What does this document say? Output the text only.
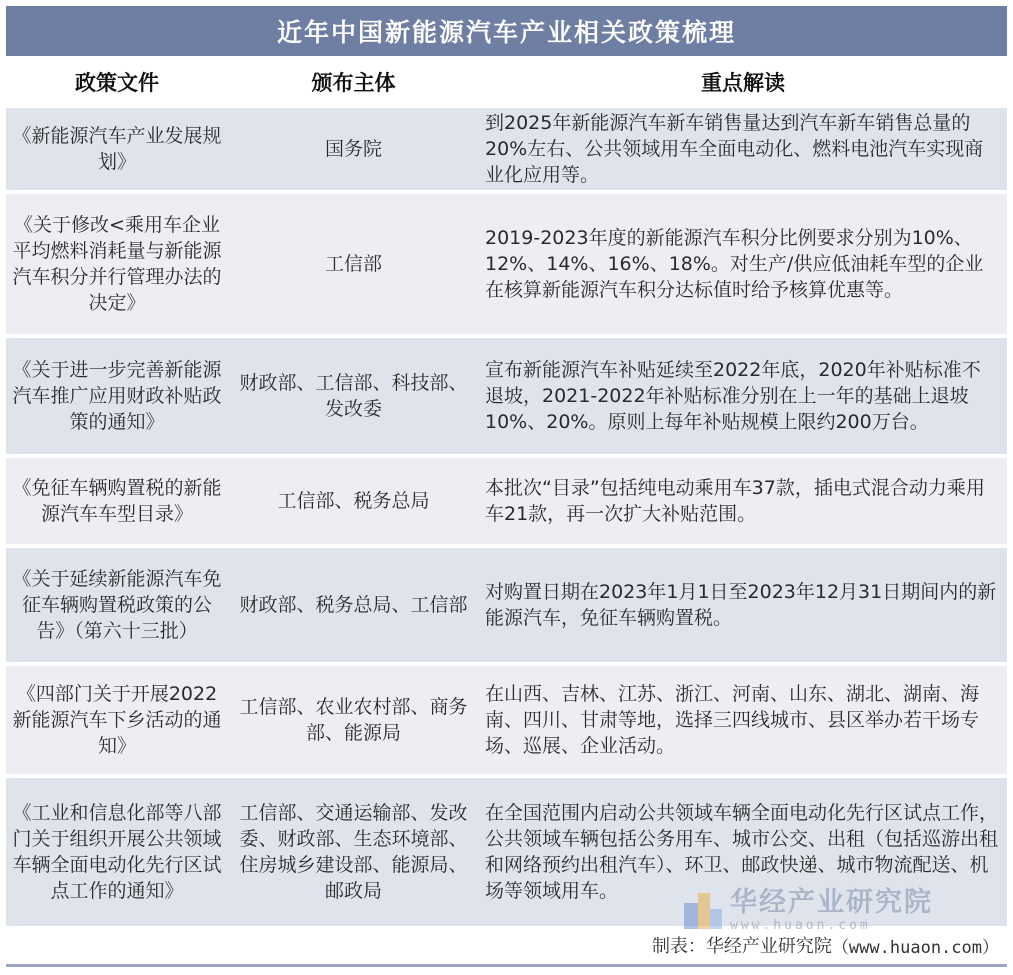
近年中国新能源汽车产业相关政策梳理
政策文件	颁布主体	重点解读
《新能源汽车产业发展规划》	国务院	到2025年新能源汽车新车销售量达到汽车新车销售总量的20%左右、公共领域用车全面电动化、燃料电池汽车实现商业化应用等。
《关于修改<乘用车企业平均燃料消耗量与新能源汽车积分并行管理办法的决定》	工信部	2019-2023年度的新能源汽车积分比例要求分别为10%、12%、14%、16%、18%。对生产/供应低油耗车型的企业在核算新能源汽车积分达标值时给予核算优惠等。
《关于进一步完善新能源汽车推广应用财政补贴政策的通知》	财政部、工信部、科技部、发改委	宣布新能源汽车补贴延续至2022年底，2020年补贴标准不退坡，2021-2022年补贴标准分别在上一年的基础上退坡10%、20%。原则上每年补贴规模上限约200万台。
《免征车辆购置税的新能源汽车车型目录》	工信部、税务总局	本批次“目录”包括纯电动乘用车37款，插电式混合动力乘用车21款，再一次扩大补贴范围。
《关于延续新能源汽车免征车辆购置税政策的公告》（第六十三批）	财政部、税务总局、工信部	对购置日期在2023年1月1日至2023年12月31日期间内的新能源汽车，免征车辆购置税。
《四部门关于开展2022新能源汽车下乡活动的通知》	工信部、农业农村部、商务部、能源局	在山西、吉林、江苏、浙江、河南、山东、湖北、湖南、海南、四川、甘肃等地，选择三四线城市、县区举办若干场专场、巡展、企业活动。
《工业和信息化部等八部门关于组织开展公共领域车辆全面电动化先行区试点工作的通知》	工信部、交通运输部、发改委、财政部、生态环境部、住房城乡建设部、能源局、邮政局	在全国范围内启动公共领域车辆全面电动化先行区试点工作，公共领域车辆包括公务用车、城市公交、出租（包括巡游出租和网络预约出租汽车）、环卫、邮政快递、城市物流配送、机场等领域用车。	华经产业研究院
www.huaon.com
制表：华经产业研究院 （www.huaon.com）
